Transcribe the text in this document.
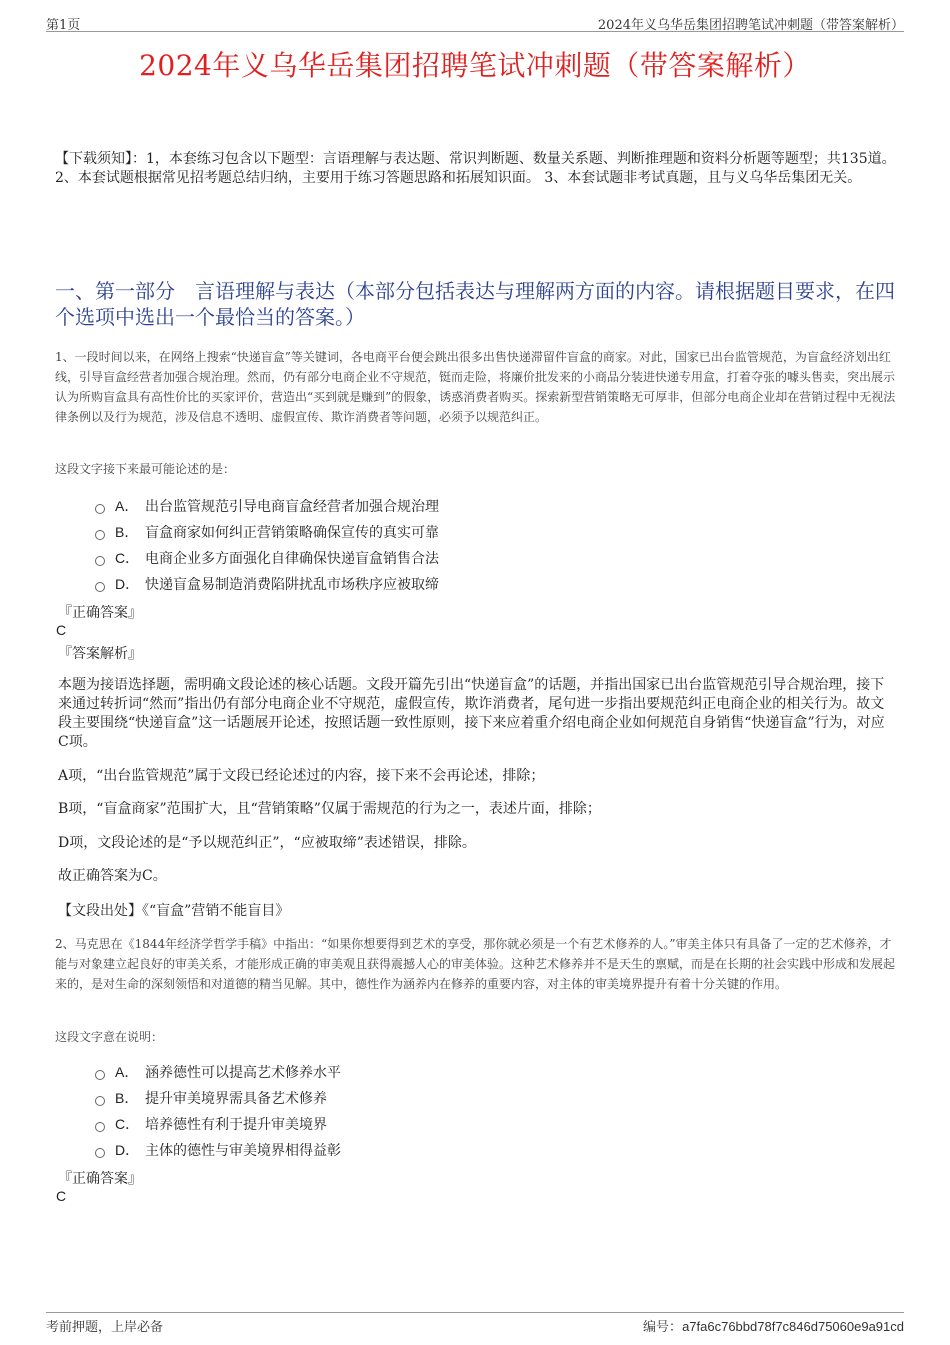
第1页	2024年义乌华岳集团招聘笔试冲刺题（带答案解析）
2024年义乌华岳集团招聘笔试冲刺题（带答案解析）
【下载须知】：1，本套练习包含以下题型：言语理解与表达题、常识判断题、数量关系题、判断推理题和资料分析题等题型；共135道。 2、本套试题根据常见招考题总结归纳，主要用于练习答题思路和拓展知识面。 3、本套试题非考试真题，且与义乌华岳集团无关。
一、第一部分　言语理解与表达（本部分包括表达与理解两方面的内容。请根据题目要求，在四个选项中选出一个最恰当的答案。）
1、一段时间以来，在网络上搜索“快递盲盒”等关键词，各电商平台便会跳出很多出售快递滞留件盲盒的商家。对此，国家已出台监管规范，为盲盒经济划出红线，引导盲盒经营者加强合规治理。然而，仍有部分电商企业不守规范，铤而走险，将廉价批发来的小商品分装进快递专用盒，打着夺张的噱头售卖，突出展示认为所购盲盒具有高性价比的买家评价，营造出“买到就是赚到”的假象，诱惑消费者购买。探索新型营销策略无可厚非，但部分电商企业却在营销过程中无视法律条例以及行为规范，涉及信息不透明、虚假宣传、欺诈消费者等问题，必须予以规范纠正。
这段文字接下来最可能论述的是：
A． 出台监管规范引导电商盲盒经营者加强合规治理
B． 盲盒商家如何纠正营销策略确保宣传的真实可靠
C． 电商企业多方面强化自律确保快递盲盒销售合法
D． 快递盲盒易制造消费陷阱扰乱市场秩序应被取缔
『正确答案』
C
『答案解析』
本题为接语选择题，需明确文段论述的核心话题。文段开篇先引出“快递盲盒”的话题，并指出国家已出台监管规范引导合规治理，接下来通过转折词“然而”指出仍有部分电商企业不守规范，虚假宣传，欺诈消费者，尾句进一步指出要规范纠正电商企业的相关行为。故文段主要围绕“快递盲盒”这一话题展开论述，按照话题一致性原则，接下来应着重介绍电商企业如何规范自身销售“快递盲盒”行为，对应C项。
A项，“出台监管规范”属于文段已经论述过的内容，接下来不会再论述，排除；
B项，“盲盒商家”范围扩大，且“营销策略”仅属于需规范的行为之一，表述片面，排除；
D项，文段论述的是“予以规范纠正”，“应被取缔”表述错误，排除。
故正确答案为C。
【文段出处】《“盲盒”营销不能盲目》
2、马克思在《1844年经济学哲学手稿》中指出：“如果你想要得到艺术的享受，那你就必须是一个有艺术修养的人。”审美主体只有具备了一定的艺术修养，才能与对象建立起良好的审美关系，才能形成正确的审美观且获得震撼人心的审美体验。这种艺术修养并不是天生的禀赋，而是在长期的社会实践中形成和发展起来的，是对生命的深刻领悟和对道德的精当见解。其中，德性作为涵养内在修养的重要内容，对主体的审美境界提升有着十分关键的作用。
这段文字意在说明：
A． 涵养德性可以提高艺术修养水平
B． 提升审美境界需具备艺术修养
C． 培养德性有利于提升审美境界
D． 主体的德性与审美境界相得益彰
『正确答案』
C
考前押题，上岸必备	编号：a7fa6c76bbd78f7c846d75060e9a91cd
